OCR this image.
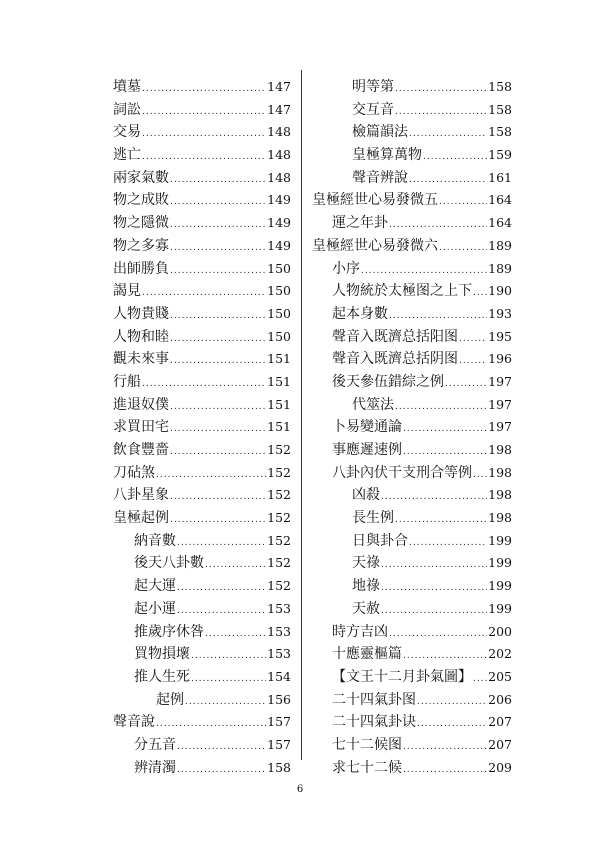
墳墓 .....	147
詞訟 .....	147
交易 .....	148
逃亡 .....	148
兩家氣數 .....	148
物之成敗 .....	149
物之隱微 .....	149
物之多寡 .....	149
出師勝負 .....	150
謁見 .....	150
人物貴賤 .....	150
人物和睦 .....	150
觀未來事 .....	151
行船 .....	151
進退奴僕 .....	151
求買田宅 .....	151
飲食豐嗇 .....	152
刀砧煞 .....	152
八卦星象 .....	152
皇極起例 .....	152
納音數 .....	152
後天八卦數 .....	152
起大運 .....	152
起小運 .....	153
推歲序休咎 .....	153
買物損壞 .....	153
推人生死 .....	154
起例 .....	156
聲音說 .....	157
分五音 .....	157
辨清濁 .....	158
明等第 .....	158
交互音 .....	158
檢篇韻法 .....	158
皇極算萬物 .....	159
聲音辨說 .....	161
皇極經世心易發微五 .....	164
運之年卦 .....	164
皇極經世心易發微六 .....	189
小序 .....	189
人物統於太極图之上下 ..... 190
起本身數 .....	193
聲音入既濟总括阳图 ..... 195
聲音入既濟总括阴图 ..... 196
後天參伍錯綜之例 .....	197
代筮法 .....	197
卜易變通論 .....	197
事應遲速例 .....	198
八卦內伏干支刑合等例 ..... 198
凶殺 .....	198
長生例 .....	198
日與卦合 .....	199
天祿 .....	199
地祿 .....	199
天赦 .....	199
時方吉凶 .....	200
十應靈樞篇 .....	202
【文王十二月卦氣圖】 ..... 205
二十四氣卦图 .....	206
二十四氣卦诀 .....	207
七十二候图 .....	207
求七十二候 .....	209
6
